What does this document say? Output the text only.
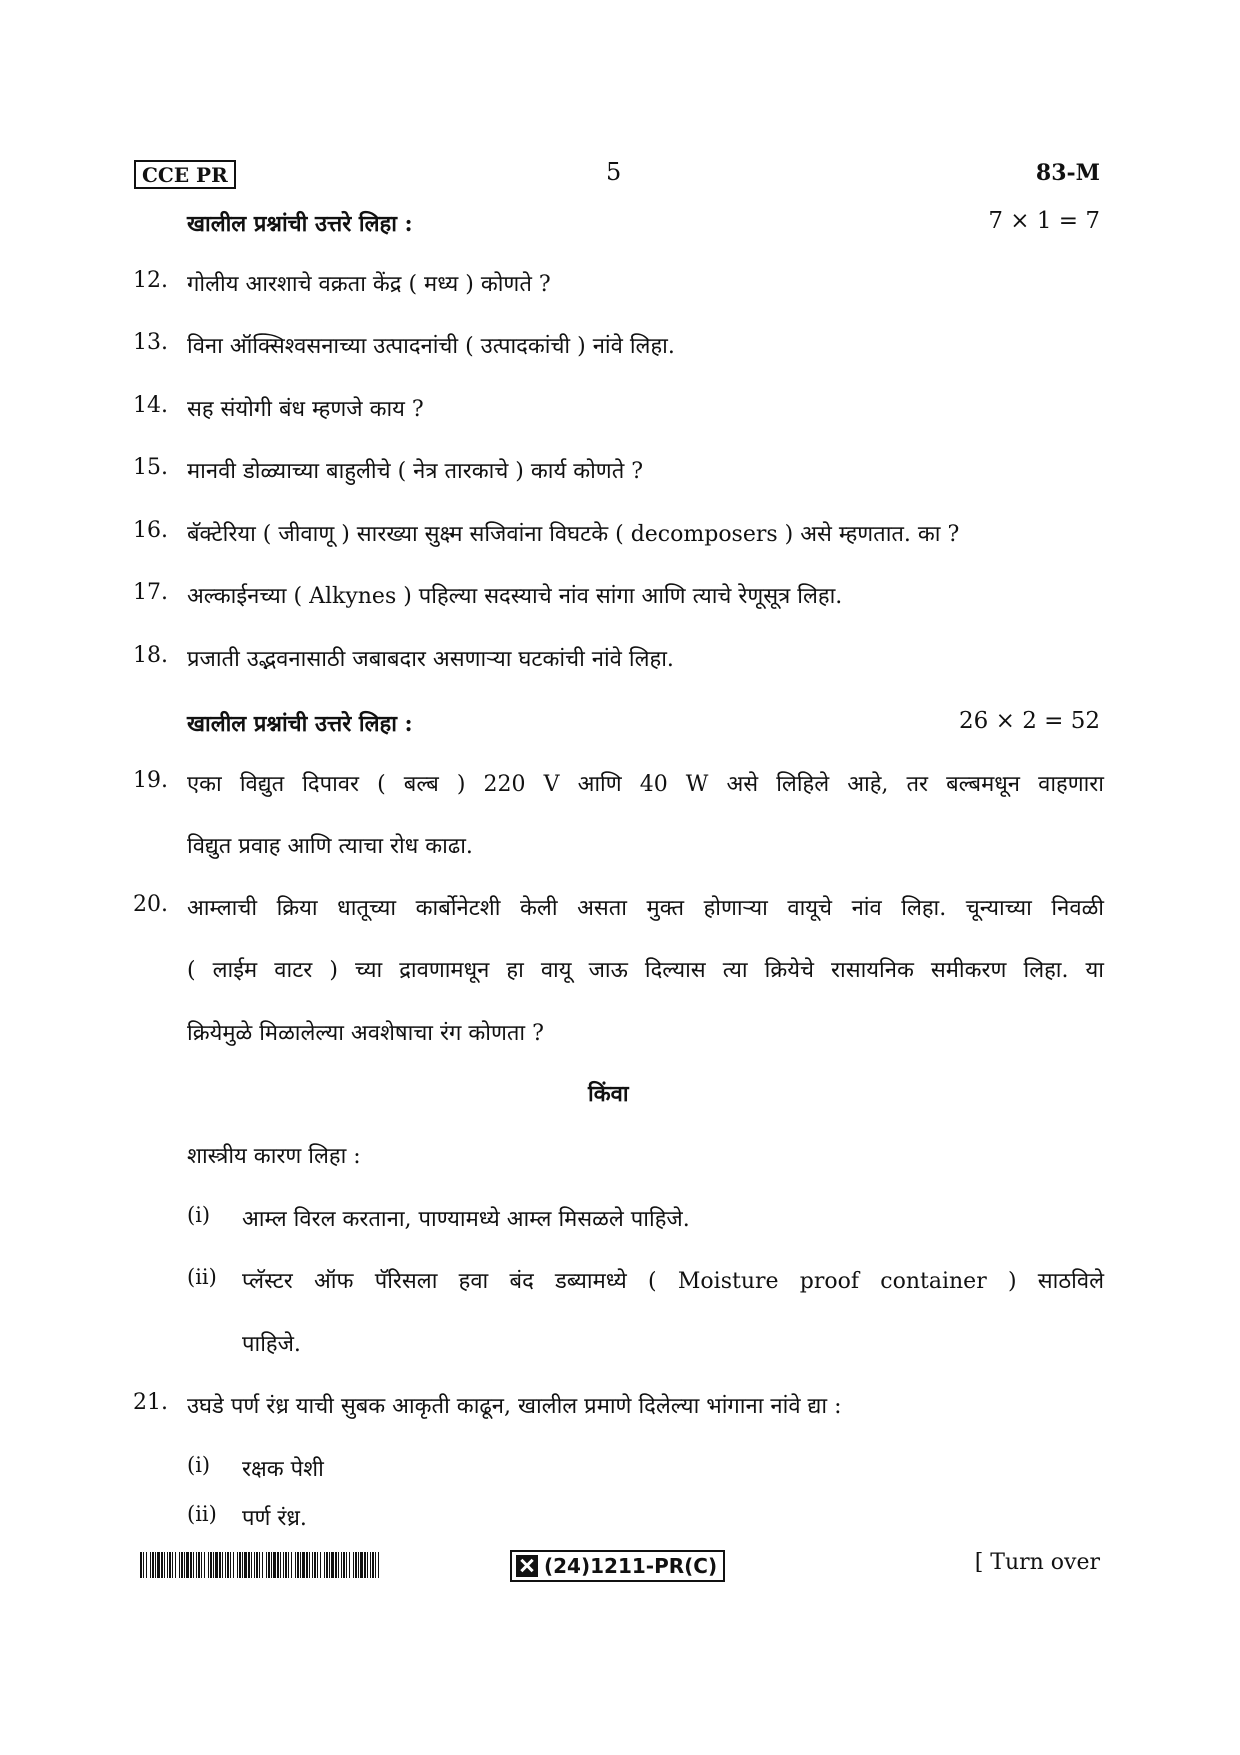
CCE PR	5	83-M
खालील प्रश्नांची उत्तरे लिहा :	7 × 1 = 7
12. गोलीय आरशाचे वक्रता केंद्र ( मध्य ) कोणते ?
13. विना ऑक्सिश्वसनाच्या उत्पादनांची ( उत्पादकांची ) नांवे लिहा.
14. सह संयोगी बंध म्हणजे काय ?
15. मानवी डोळ्याच्या बाहुलीचे ( नेत्र तारकाचे ) कार्य कोणते ?
16. बॅक्टेरिया ( जीवाणू ) सारख्या सुक्ष्म सजिवांना विघटके ( decomposers ) असे म्हणतात. का ?
17. अल्काईनच्या ( Alkynes ) पहिल्या सदस्याचे नांव सांगा आणि त्याचे रेणूसूत्र लिहा.
18. प्रजाती उद्भवनासाठी जबाबदार असणाऱ्या घटकांची नांवे लिहा.
खालील प्रश्नांची उत्तरे लिहा :	26 × 2 = 52
19. एका विद्युत दिपावर ( बल्ब ) 220 V आणि 40 W असे लिहिले आहे, तर बल्बमधून वाहणारा
विद्युत प्रवाह आणि त्याचा रोध काढा.
20. आम्लाची क्रिया धातूच्या कार्बोनेटशी केली असता मुक्त होणाऱ्या वायूचे नांव लिहा. चून्याच्या निवळी
( लाईम वाटर ) च्या द्रावणामधून हा वायू जाऊ दिल्यास त्या क्रियेचे रासायनिक समीकरण लिहा. या
क्रियेमुळे मिळालेल्या अवशेषाचा रंग कोणता ?
किंवा
शास्त्रीय कारण लिहा :
(i) आम्ल विरल करताना, पाण्यामध्ये आम्ल मिसळले पाहिजे.
(ii) प्लॅस्टर ऑफ पॅरिसला हवा बंद डब्यामध्ये ( Moisture proof container ) साठविले
पाहिजे.
21. उघडे पर्ण रंध्र याची सुबक आकृती काढून, खालील प्रमाणे दिलेल्या भांगाना नांवे द्या :
(i) रक्षक पेशी
(ii) पर्ण रंध्र.
(24)1211-PR(C)	[ Turn over
